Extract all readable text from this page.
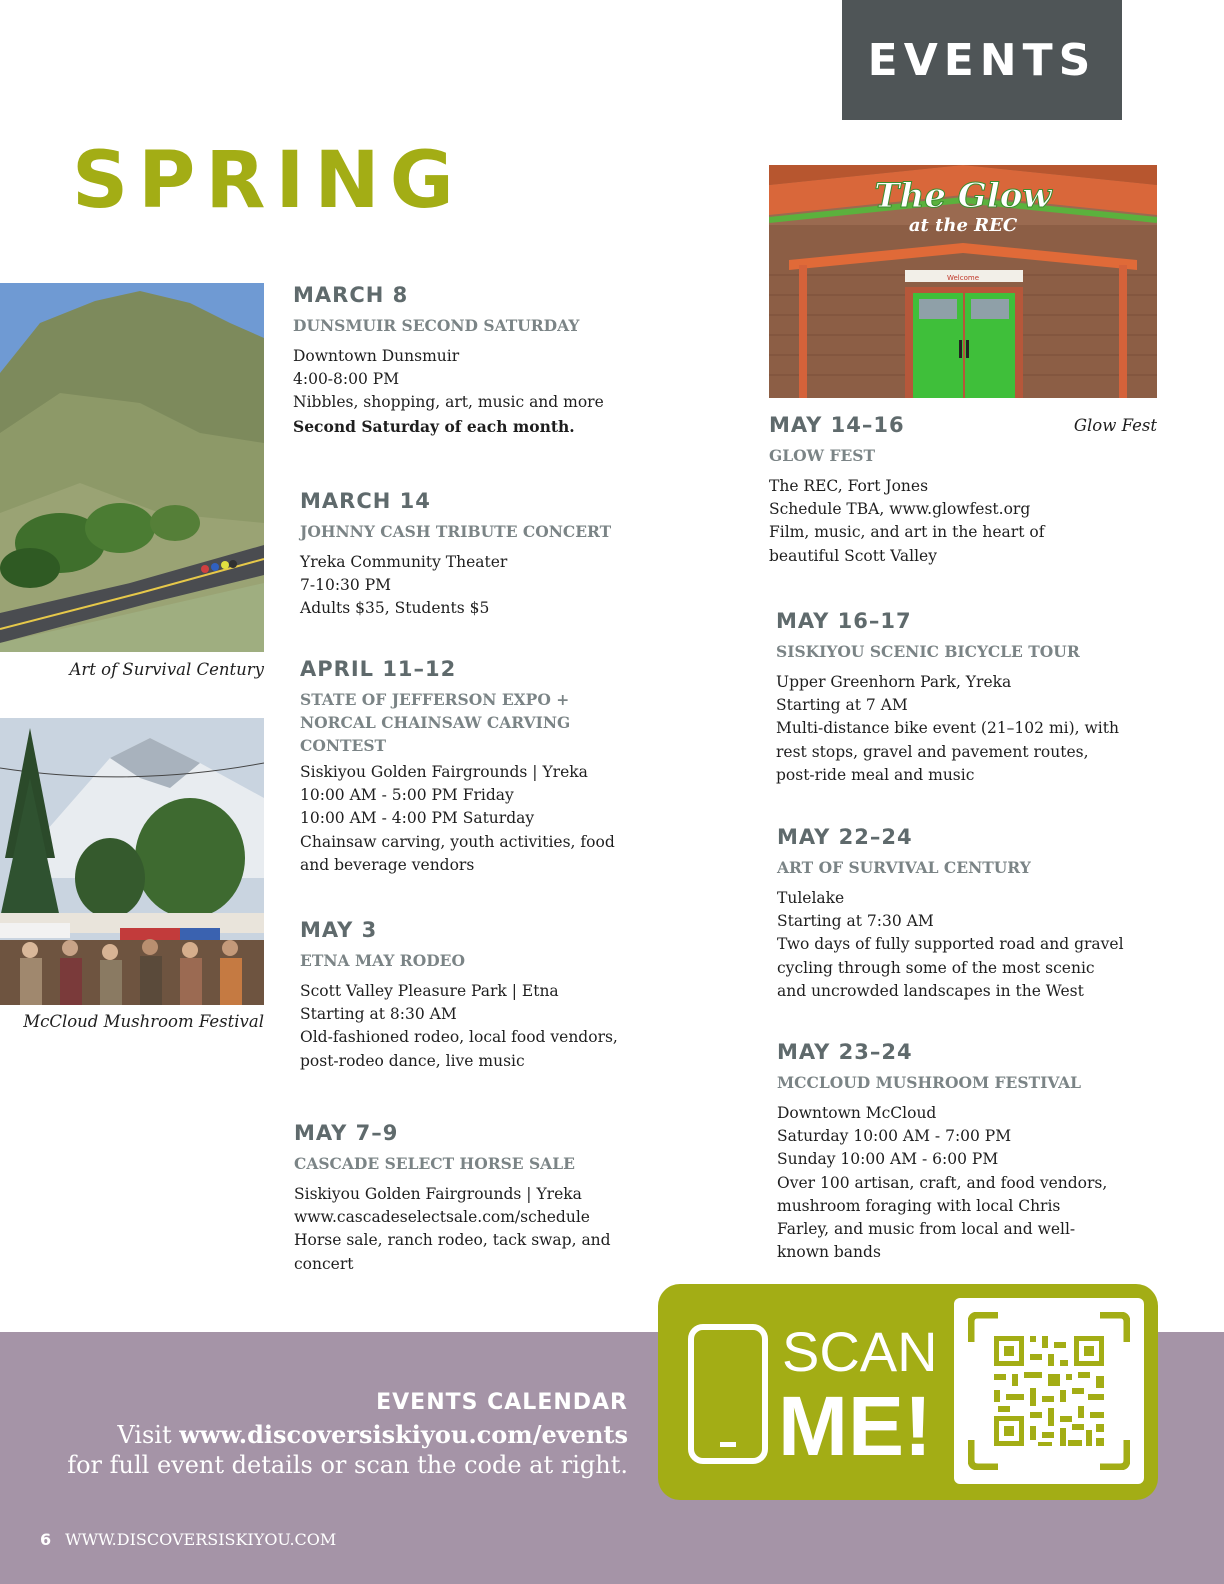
EVENTS
SPRING
Art of Survival Century
McCloud Mushroom Festival
The Glow
at the REC
Welcome
Glow Fest
MARCH 8
DUNSMUIR SECOND SATURDAY
Downtown Dunsmuir
4:00-8:00 PM
Nibbles, shopping, art, music and more
Second Saturday of each month.
MARCH 14
JOHNNY CASH TRIBUTE CONCERT
Yreka Community Theater
7-10:30 PM
Adults $35, Students $5
APRIL 11–12
STATE OF JEFFERSON EXPO +
NORCAL CHAINSAW CARVING
CONTEST
Siskiyou Golden Fairgrounds | Yreka
10:00 AM - 5:00 PM Friday
10:00 AM - 4:00 PM Saturday
Chainsaw carving, youth activities, food
and beverage vendors
MAY 3
ETNA MAY RODEO
Scott Valley Pleasure Park | Etna
Starting at 8:30 AM
Old-fashioned rodeo, local food vendors,
post-rodeo dance, live music
MAY 7–9
CASCADE SELECT HORSE SALE
Siskiyou Golden Fairgrounds | Yreka
www.cascadeselectsale.com/schedule
Horse sale, ranch rodeo, tack swap, and
concert
MAY 14–16
GLOW FEST
The REC, Fort Jones
Schedule TBA, www.glowfest.org
Film, music, and art in the heart of
beautiful Scott Valley
MAY 16–17
SISKIYOU SCENIC BICYCLE TOUR
Upper Greenhorn Park, Yreka
Starting at 7 AM
Multi-distance bike event (21–102 mi), with
rest stops, gravel and pavement routes,
post-ride meal and music
MAY 22–24
ART OF SURVIVAL CENTURY
Tulelake
Starting at 7:30 AM
Two days of fully supported road and gravel
cycling through some of the most scenic
and uncrowded landscapes in the West
MAY 23–24
MCCLOUD MUSHROOM FESTIVAL
Downtown McCloud
Saturday 10:00 AM - 7:00 PM
Sunday 10:00 AM - 6:00 PM
Over 100 artisan, craft, and food vendors,
mushroom foraging with local Chris
Farley, and music from local and well-
known bands
EVENTS CALENDAR
Visit www.discoversiskiyou.com/events
for full event details or scan the code at right.
6 WWW.DISCOVERSISKIYOU.COM
SCAN
ME!
